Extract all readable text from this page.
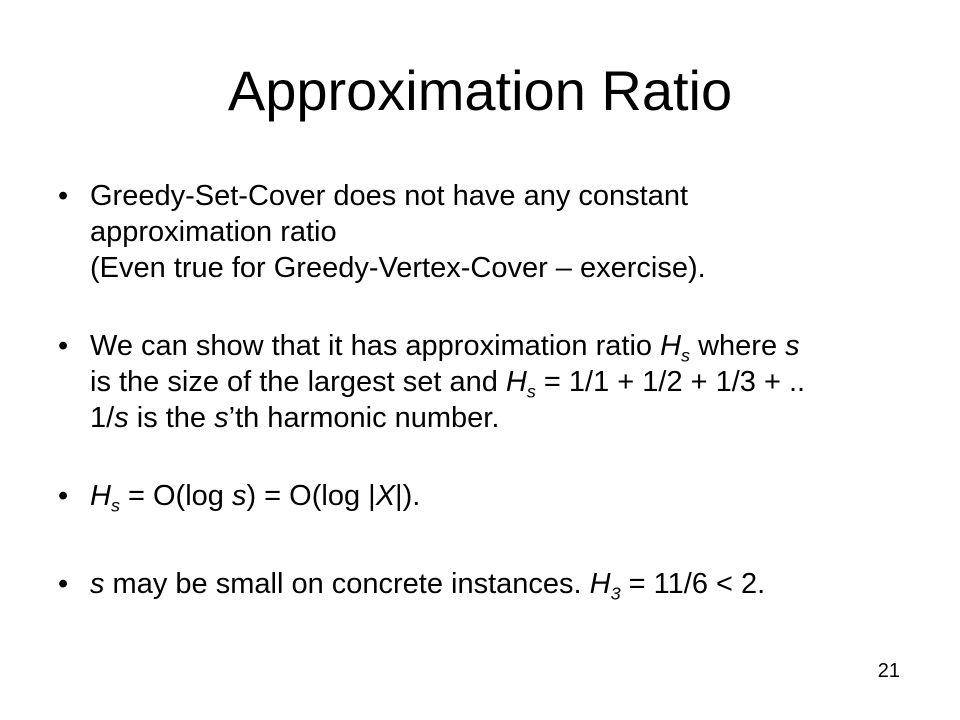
Approximation Ratio
• Greedy-Set-Cover does not have any constant
approximation ratio
(Even true for Greedy-Vertex-Cover – exercise).
• We can show that it has approximation ratio $H_s$ where s
is the size of the largest set and $H_s = 1/1 + 1/2 + 1/3$ + ..
1/s is the s’th harmonic number.
• $H_s = O(\log$ s) = O(log |X|).
• s may be small on concrete instances. $H_3 = 11/6 < 2$.
21
